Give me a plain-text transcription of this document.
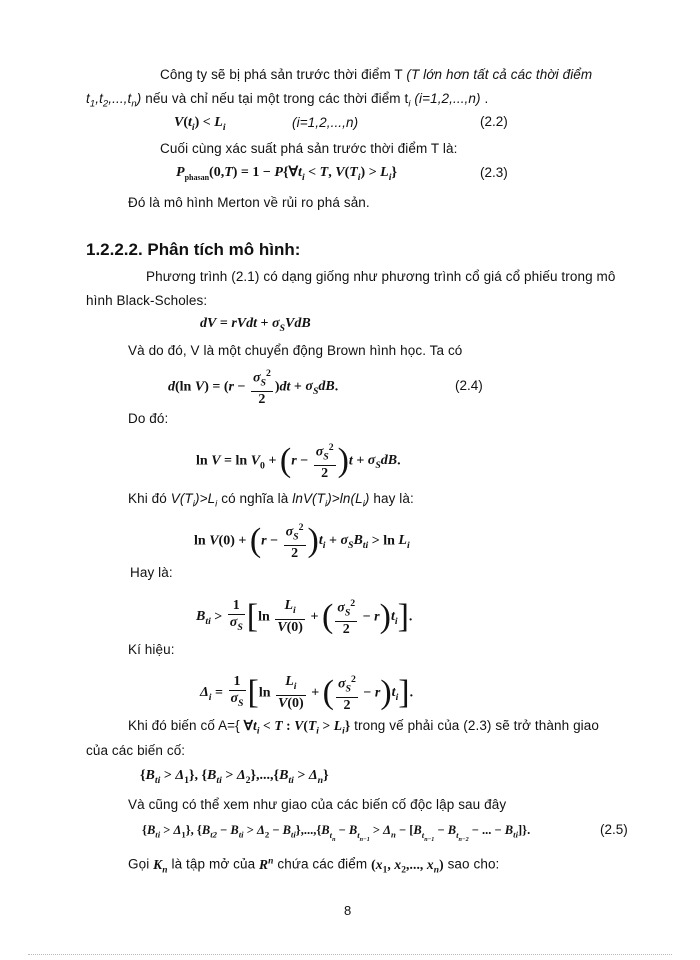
Công ty sẽ bị phá sản trước thời điểm T (T lớn hơn tất cả các thời điểm
$t_1,t_2,...,t_n$) nếu và chỉ nếu tại một trong các thời điểm $t_i$ (i=1,2,...,n) .
$V(t_i) < L_i$	(i=1,2,...,n)	(2.2)
Cuối cùng xác suất phá sản trước thời điểm T là:
$P_{phasan}(0,T) = 1$ − $P\{\forall t_i < T$, $V(T_i) > L_i$}	(2.3)
Đó là mô hình Merton về rủi ro phá sản.
1.2.2.2. Phân tích mô hình:
Phương trình (2.1) có dạng giống như phương trình cổ giá cổ phiếu trong mô
hình Black-Scholes:
dV = rVdt + $\sigma_SVdB$
Và do đó, V là một chuyển động Brown hình học. Ta có
d(ln $V) = (r - \frac{\sigma_S^2}{2} )dt + \sigma_SdB$.	(2.4)
Do đó:
$\ln V = \ln V_0 + (r - \frac{\sigma_S^2}{2} )t + \sigma_SdB$.
Khi đó $V(T_i)>L_i$ có nghĩa là $\ln V(T_i)>\ln(L_i)$ hay là:
$\ln V(0) + (r - \frac{\sigma_S^2}{2} )t_i + \sigma_SB_{ti} > \ln L_i$
Hay là:
$B_{ti} > \frac{1}{\sigma_S} [\ln \frac{L_i}{V(0)}$ + ( $\frac{\sigma_S^2}{2} - r)t_i$].
Kí hiệu:
$\Delta_i = \frac{1}{\sigma_S} [\ln \frac{L_i}{V(0)}$ + ( $\frac{\sigma_S^2}{2} - r)t_i$].
Khi đó biến cố A={ $\forall t_i < T$ : $V(T_i > L_i\}$ trong vế phải của (2.3) sẽ trở thành giao
của các biến cố:
$\{B_{ti} > \Delta_1\}$, $\{B_{ti} > \Delta_2\},...,\{B_{ti} > \Delta_n\}$
Và cũng có thể xem như giao của các biến cố độc lập sau đây
$\{B_{ti} > \Delta_1\}$, $\{B_{t2} - B_{ti} > \Delta_2 - B_{ti}\},...,\{B_{t_n} - B_{t_{n-1}} > \Delta_n - [B_{t_{n-1}} - B_{t_{n-2}}$ − ... − $B_{ti}$]}.	(2.5)
Gọi $K_n$ là tập mở của $R^n$ chứa các điểm ($x_1$, $x_2$,..., $x_n$) sao cho:
8
